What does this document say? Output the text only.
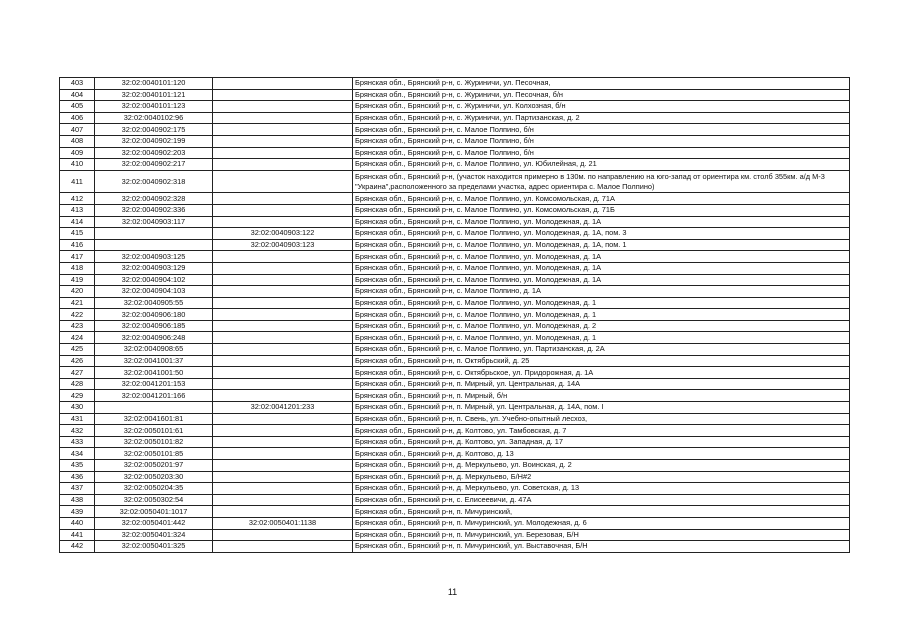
403	32:02:0040101:120		Брянская обл., Брянский р-н, с. Журиничи, ул. Песочная,
404	32:02:0040101:121		Брянская обл., Брянский р-н, с. Журиничи, ул. Песочная, б/н
405	32:02:0040101:123		Брянская обл., Брянский р-н, с. Журиничи, ул. Колхозная, б/н
406	32:02:0040102:96		Брянская обл., Брянский р-н, с. Журиничи, ул. Партизанская, д. 2
407	32:02:0040902:175		Брянская обл., Брянский р-н, с. Малое Полпино, б/н
408	32:02:0040902:199		Брянская обл., Брянский р-н, с. Малое Полпино, б/н
409	32:02:0040902:203		Брянская обл., Брянский р-н, с. Малое Полпино, б/н
410	32:02:0040902:217		Брянская обл., Брянский р-н, с. Малое Полпино, ул. Юбилейная, д. 21
411	32:02:0040902:318		Брянская обл., Брянский р-н, (участок находится примерно в 130м. по направлению на юго-запад от ориентира км. столб 355км. а/д М-3 "Украина",расположенного за пределами участка, адрес ориентира с. Малое Полпино)
412	32:02:0040902:328		Брянская обл., Брянский р-н, с. Малое Полпино, ул. Комсомольская, д. 71А
413	32:02:0040902:336		Брянская обл., Брянский р-н, с. Малое Полпино, ул. Комсомольская, д. 71Б
414	32:02:0040903:117		Брянская обл., Брянский р-н, с. Малое Полпино, ул. Молодежная, д. 1А
415		32:02:0040903:122	Брянская обл., Брянский р-н, с. Малое Полпино, ул. Молодежная, д. 1А, пом. 3
416		32:02:0040903:123	Брянская обл., Брянский р-н, с. Малое Полпино, ул. Молодежная, д. 1А, пом. 1
417	32:02:0040903:125		Брянская обл., Брянский р-н, с. Малое Полпино, ул. Молодежная, д. 1А
418	32:02:0040903:129		Брянская обл., Брянский р-н, с. Малое Полпино, ул. Молодежная, д. 1А
419	32:02:0040904:102		Брянская обл., Брянский р-н, с. Малое Полпино, ул. Молодежная, д. 1А
420	32:02:0040904:103		Брянская обл., Брянский р-н, с. Малое Полпино, д. 1А
421	32:02:0040905:55		Брянская обл., Брянский р-н, с. Малое Полпино, ул. Молодежная, д. 1
422	32:02:0040906:180		Брянская обл., Брянский р-н, с. Малое Полпино, ул. Молодежная, д. 1
423	32:02:0040906:185		Брянская обл., Брянский р-н, с. Малое Полпино, ул. Молодежная, д. 2
424	32:02:0040906:248		Брянская обл., Брянский р-н, с. Малое Полпино, ул. Молодежная, д. 1
425	32:02:0040908:65		Брянская обл., Брянский р-н, с. Малое Полпино, ул. Партизанская, д. 2А
426	32:02:0041001:37		Брянская обл., Брянский р-н, п. Октябрьский, д. 25
427	32:02:0041001:50		Брянская обл., Брянский р-н, с. Октябрьское, ул. Придорожная, д. 1А
428	32:02:0041201:153		Брянская обл., Брянский р-н, п. Мирный, ул. Центральная, д. 14А
429	32:02:0041201:166		Брянская обл., Брянский р-н, п. Мирный, б/н
430		32:02:0041201:233	Брянская обл., Брянский р-н, п. Мирный, ул. Центральная, д. 14А, пом. I
431	32:02:0041601:81		Брянская обл., Брянский р-н, п. Свень, ул. Учебно-опытный лесхоз,
432	32:02:0050101:61		Брянская обл., Брянский р-н, д. Колтово, ул. Тамбовская, д. 7
433	32:02:0050101:82		Брянская обл., Брянский р-н, д. Колтово, ул. Западная, д. 17
434	32:02:0050101:85		Брянская обл., Брянский р-н, д. Колтово, д. 13
435	32:02:0050201:97		Брянская обл., Брянский р-н, д. Меркульево, ул. Воинская, д. 2
436	32:02:0050203:30		Брянская обл., Брянский р-н, д. Меркульево, Б/Н#2
437	32:02:0050204:35		Брянская обл., Брянский р-н, д. Меркульево, ул. Советская, д. 13
438	32:02:0050302:54		Брянская обл., Брянский р-н, с. Елисеевичи, д. 47А
439	32:02:0050401:1017		Брянская обл., Брянский р-н, п. Мичуринский,
440	32:02:0050401:442	32:02:0050401:1138	Брянская обл., Брянский р-н, п. Мичуринский, ул. Молодежная, д. 6
441	32:02:0050401:324		Брянская обл., Брянский р-н, п. Мичуринский, ул. Березовая, Б/Н
442	32:02:0050401:325		Брянская обл., Брянский р-н, п. Мичуринский, ул. Выставочная, Б/Н
11
